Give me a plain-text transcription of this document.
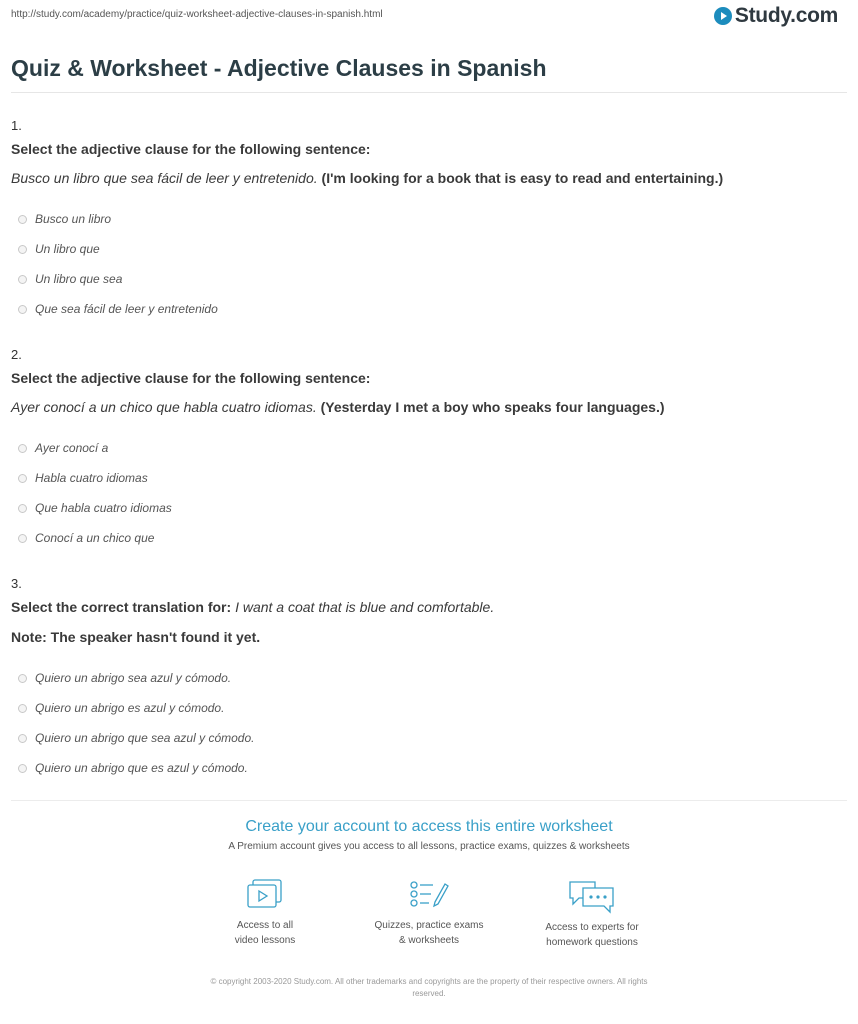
http://study.com/academy/practice/quiz-worksheet-adjective-clauses-in-spanish.html	Study.com
Quiz & Worksheet - Adjective Clauses in Spanish
1.
Select the adjective clause for the following sentence:
Busco un libro que sea fácil de leer y entretenido. (I'm looking for a book that is easy to read and entertaining.)
Busco un libro
Un libro que
Un libro que sea
Que sea fácil de leer y entretenido
2.
Select the adjective clause for the following sentence:
Ayer conocí a un chico que habla cuatro idiomas. (Yesterday I met a boy who speaks four languages.)
Ayer conocí a
Habla cuatro idiomas
Que habla cuatro idiomas
Conocí a un chico que
3.
Select the correct translation for: I want a coat that is blue and comfortable.
Note: The speaker hasn't found it yet.
Quiero un abrigo sea azul y cómodo.
Quiero un abrigo es azul y cómodo.
Quiero un abrigo que sea azul y cómodo.
Quiero un abrigo que es azul y cómodo.
Create your account to access this entire worksheet
A Premium account gives you access to all lessons, practice exams, quizzes & worksheets
Access to all
video lessons
Quizzes, practice exams
& worksheets
Access to experts for
homework questions
© copyright 2003-2020 Study.com. All other trademarks and copyrights are the property of their respective owners. All rights
reserved.
